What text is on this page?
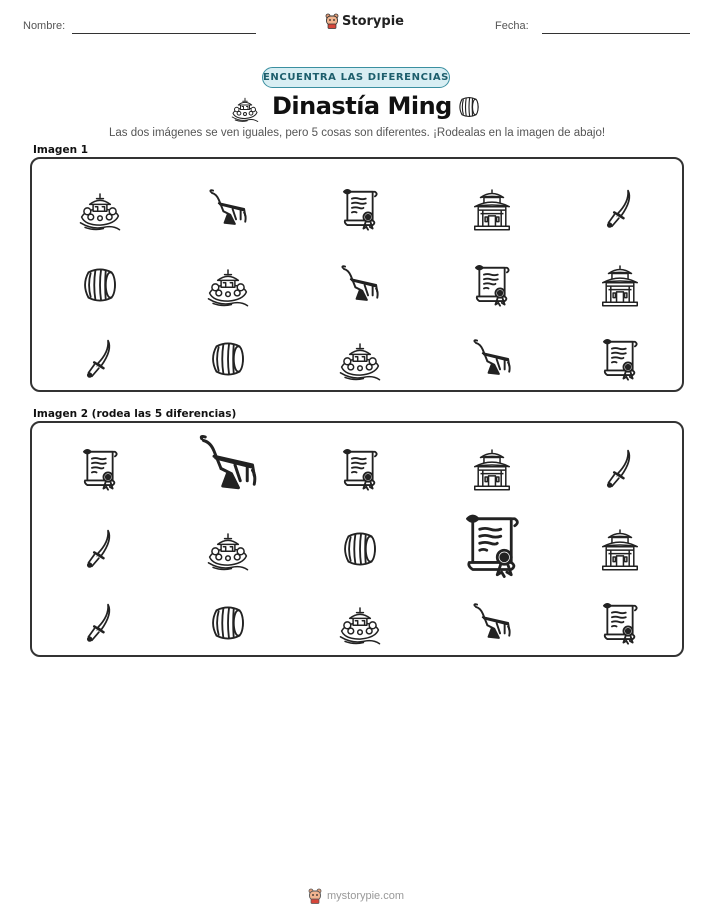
Nombre:	Storypie	Fecha:
ENCUENTRA LAS DIFERENCIAS
Dinastía Ming
Las dos imágenes se ven iguales, pero 5 cosas son diferentes. ¡Rodealas en la imagen de abajo!
Imagen 1
Imagen 2 (rodea las 5 diferencias)
mystorypie.com
